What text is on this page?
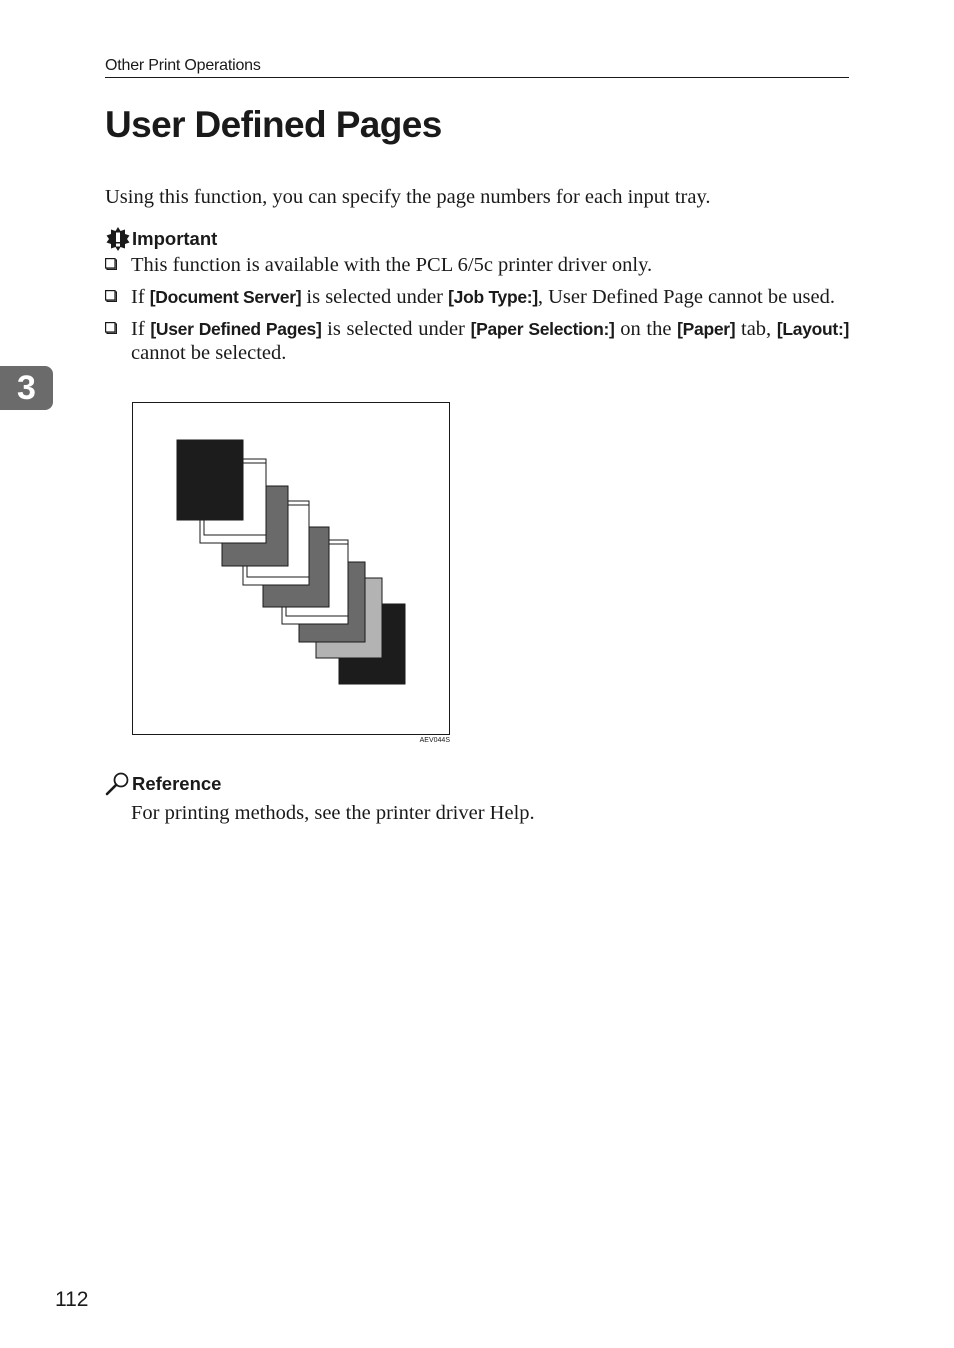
Other Print Operations
3
User Defined Pages

Using this function, you can specify the page numbers for each input tray.

Important
This function is available with the PCL 6/5c printer driver only.
If [Document Server] is selected under [Job Type:], User Defined Page cannot be used.
If [User Defined Pages] is selected under [Paper Selection:] on the [Paper] tab, [Layout:] cannot be selected.
AEV044S
Reference

For printing methods, see the printer driver Help.

112
